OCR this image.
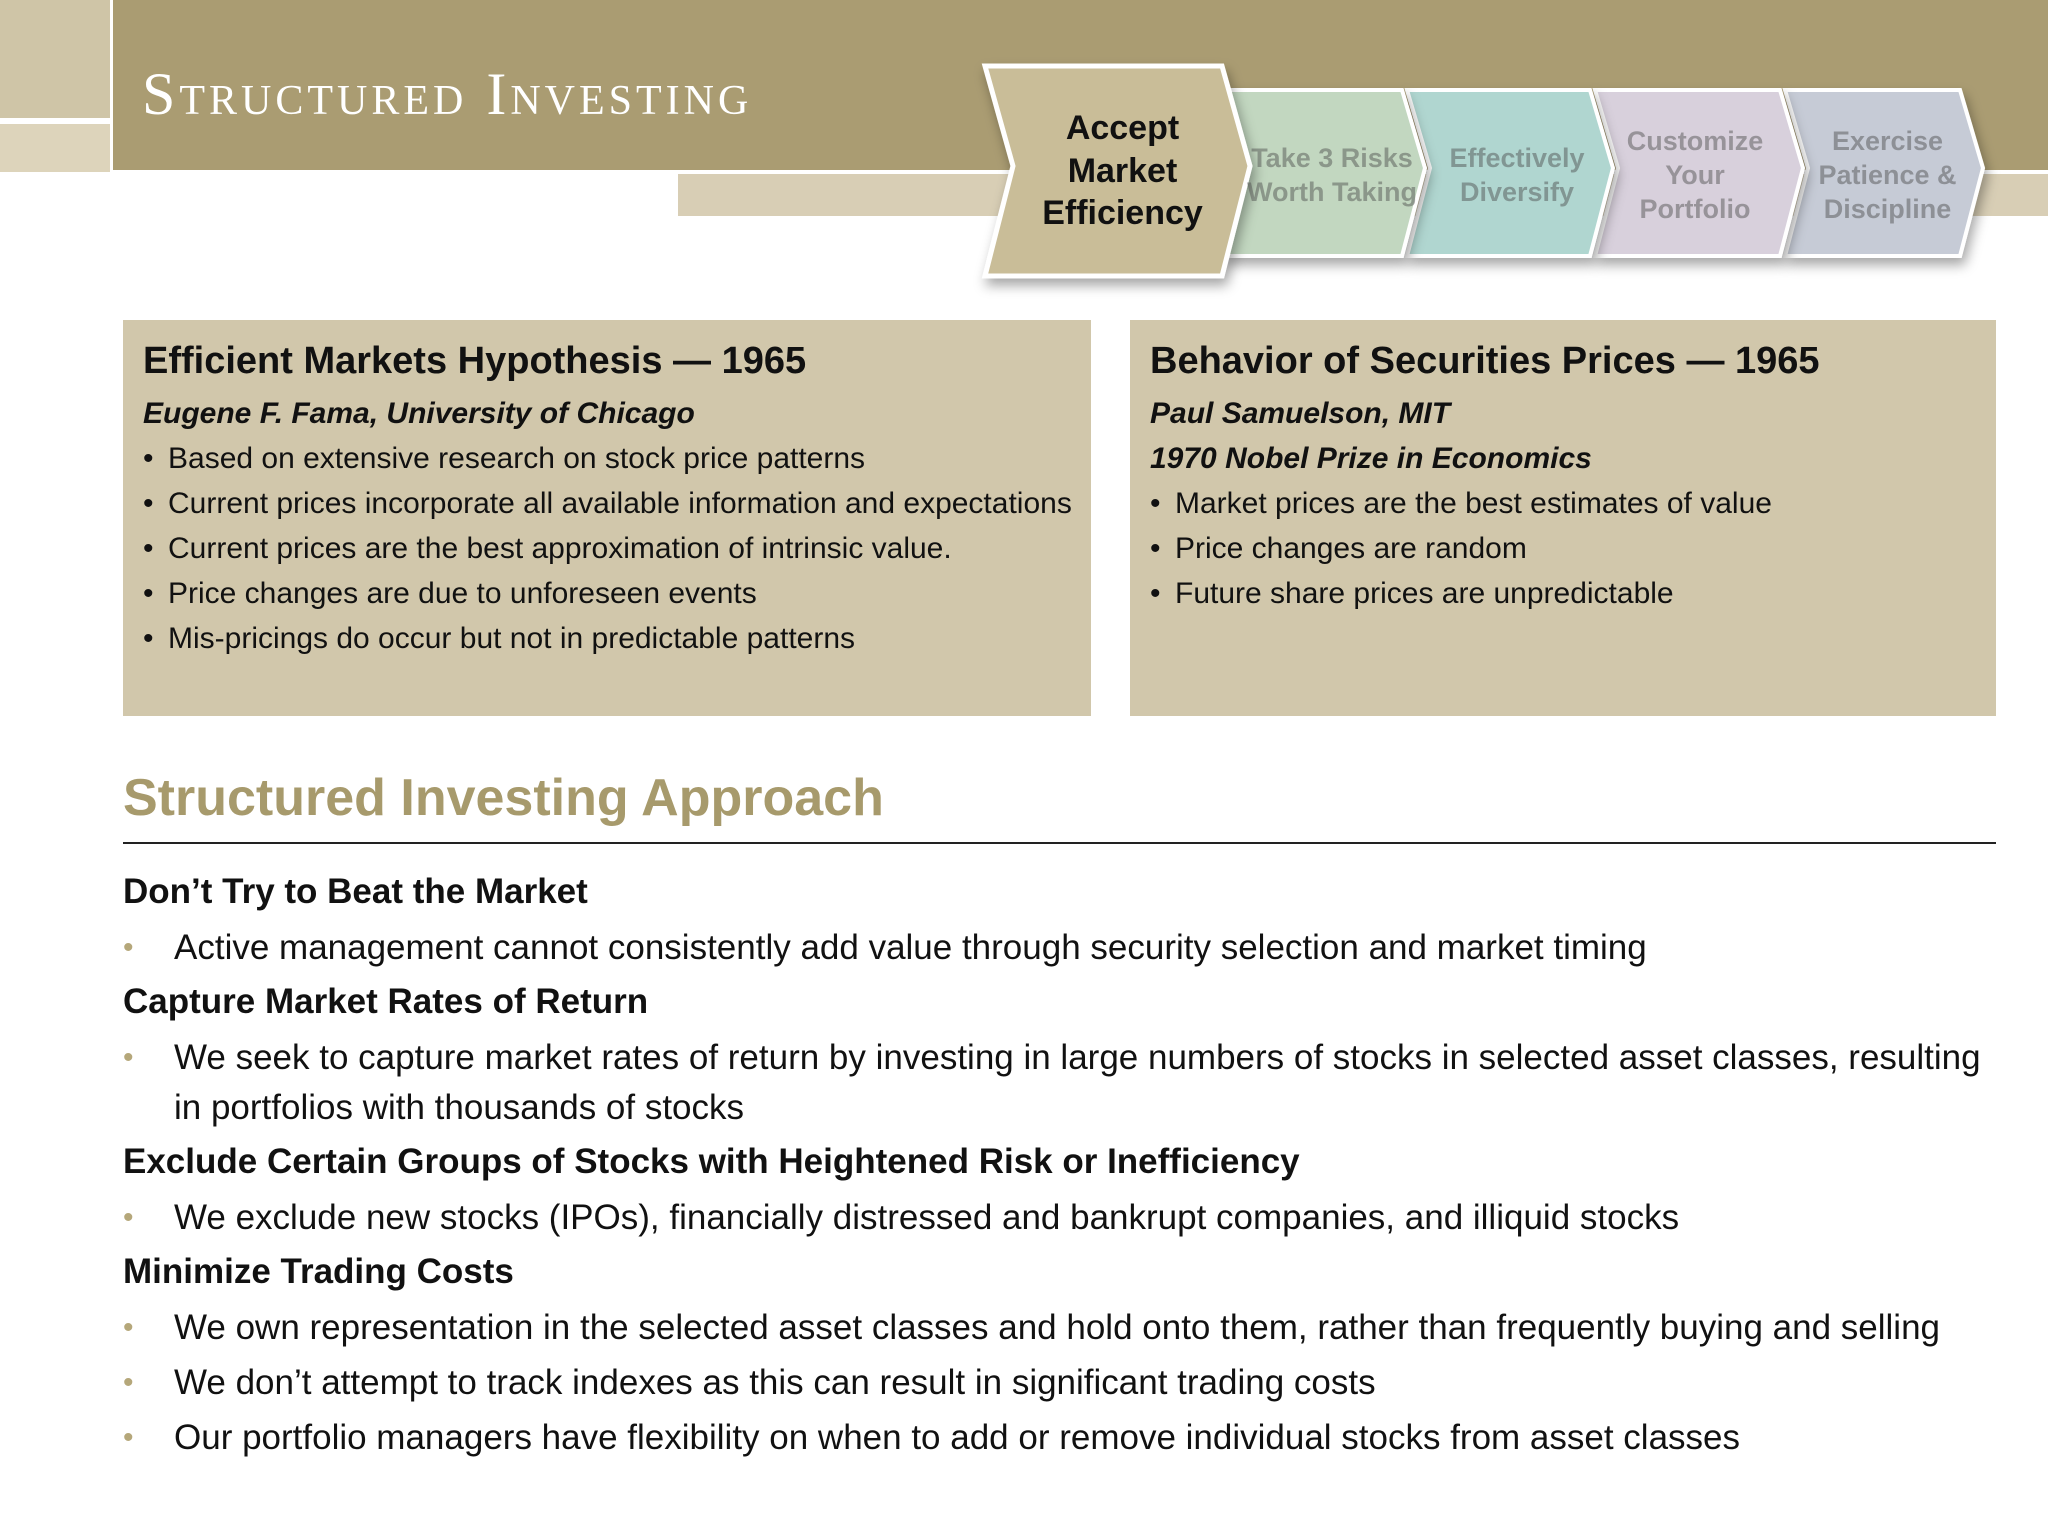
Structured Investing
Accept Market Efficiency
Take 3 Risks Worth Taking
Effectively Diversify
Customize Your Portfolio
Exercise Patience & Discipline
Efficient Markets Hypothesis — 1965

Eugene F. Fama, University of Chicago

• Based on extensive research on stock price patterns
• Current prices incorporate all available information and expectations
• Current prices are the best approximation of intrinsic value.
• Price changes are due to unforeseen events
• Mis-pricings do occur but not in predictable patterns
Behavior of Securities Prices — 1965

Paul Samuelson, MIT

1970 Nobel Prize in Economics

• Market prices are the best estimates of value
• Price changes are random
• Future share prices are unpredictable
Structured Investing Approach

Don’t Try to Beat the Market

• Active management cannot consistently add value through security selection and market timing

Capture Market Rates of Return

• We seek to capture market rates of return by investing in large numbers of stocks in selected asset classes, resulting in portfolios with thousands of stocks

Exclude Certain Groups of Stocks with Heightened Risk or Inefficiency

• We exclude new stocks (IPOs), financially distressed and bankrupt companies, and illiquid stocks

Minimize Trading Costs

• We own representation in the selected asset classes and hold onto them, rather than frequently buying and selling
• We don’t attempt to track indexes as this can result in significant trading costs
• Our portfolio managers have flexibility on when to add or remove individual stocks from asset classes
